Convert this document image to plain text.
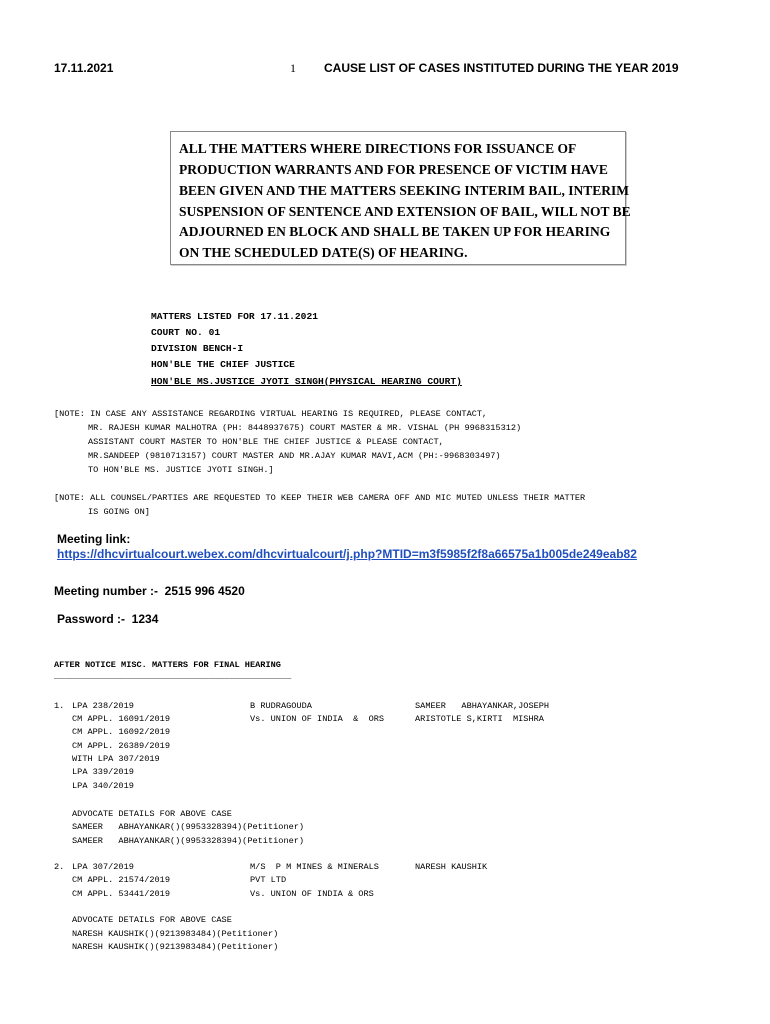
17.11.2021	1 CAUSE LIST OF CASES INSTITUTED DURING THE YEAR 2019
ALL THE MATTERS WHERE DIRECTIONS FOR ISSUANCE OF
PRODUCTION WARRANTS AND FOR PRESENCE OF VICTIM HAVE
BEEN GIVEN AND THE MATTERS SEEKING INTERIM BAIL, INTERIM
SUSPENSION OF SENTENCE AND EXTENSION OF BAIL, WILL NOT BE
ADJOURNED EN BLOCK AND SHALL BE TAKEN UP FOR HEARING
ON THE SCHEDULED DATE(S) OF HEARING.
MATTERS LISTED FOR 17.11.2021
COURT NO. 01
DIVISION BENCH-I
HON'BLE THE CHIEF JUSTICE
HON'BLE MS.JUSTICE JYOTI SINGH(PHYSICAL HEARING COURT)
[NOTE: IN CASE ANY ASSISTANCE REGARDING VIRTUAL HEARING IS REQUIRED, PLEASE CONTACT,
MR. RAJESH KUMAR MALHOTRA (PH: 8448937675) COURT MASTER & MR. VISHAL (PH 9968315312)
ASSISTANT COURT MASTER TO HON'BLE THE CHIEF JUSTICE & PLEASE CONTACT,
MR.SANDEEP (9810713157) COURT MASTER AND MR.AJAY KUMAR MAVI,ACM (PH:-9968303497)
TO HON'BLE MS. JUSTICE JYOTI SINGH.]
[NOTE: ALL COUNSEL/PARTIES ARE REQUESTED TO KEEP THEIR WEB CAMERA OFF AND MIC MUTED UNLESS THEIR MATTER
IS GOING ON]
Meeting link:
https://dhcvirtualcourt.webex.com/dhcvirtualcourt/j.php?MTID=m3f5985f2f8a66575a1b005de249eab82
Meeting number :-  2515 996 4520
Password :-  1234
AFTER NOTICE MISC. MATTERS FOR FINAL HEARING
______________________________________________
1. LPA 238/2019
CM APPL. 16091/2019
CM APPL. 16092/2019
CM APPL. 26389/2019
WITH LPA 307/2019
LPA 339/2019
LPA 340/2019
B RUDRAGOUDA
Vs. UNION OF INDIA  &  ORS
SAMEER   ABHAYANKAR,JOSEPH
ARISTOTLE S,KIRTI  MISHRA
ADVOCATE DETAILS FOR ABOVE CASE
SAMEER   ABHAYANKAR()(9953328394)(Petitioner)
SAMEER   ABHAYANKAR()(9953328394)(Petitioner)
2. LPA 307/2019
CM APPL. 21574/2019
CM APPL. 53441/2019
M/S  P M MINES & MINERALS
PVT LTD
Vs. UNION OF INDIA & ORS
NARESH KAUSHIK
ADVOCATE DETAILS FOR ABOVE CASE
NARESH KAUSHIK()(9213983484)(Petitioner)
NARESH KAUSHIK()(9213983484)(Petitioner)
